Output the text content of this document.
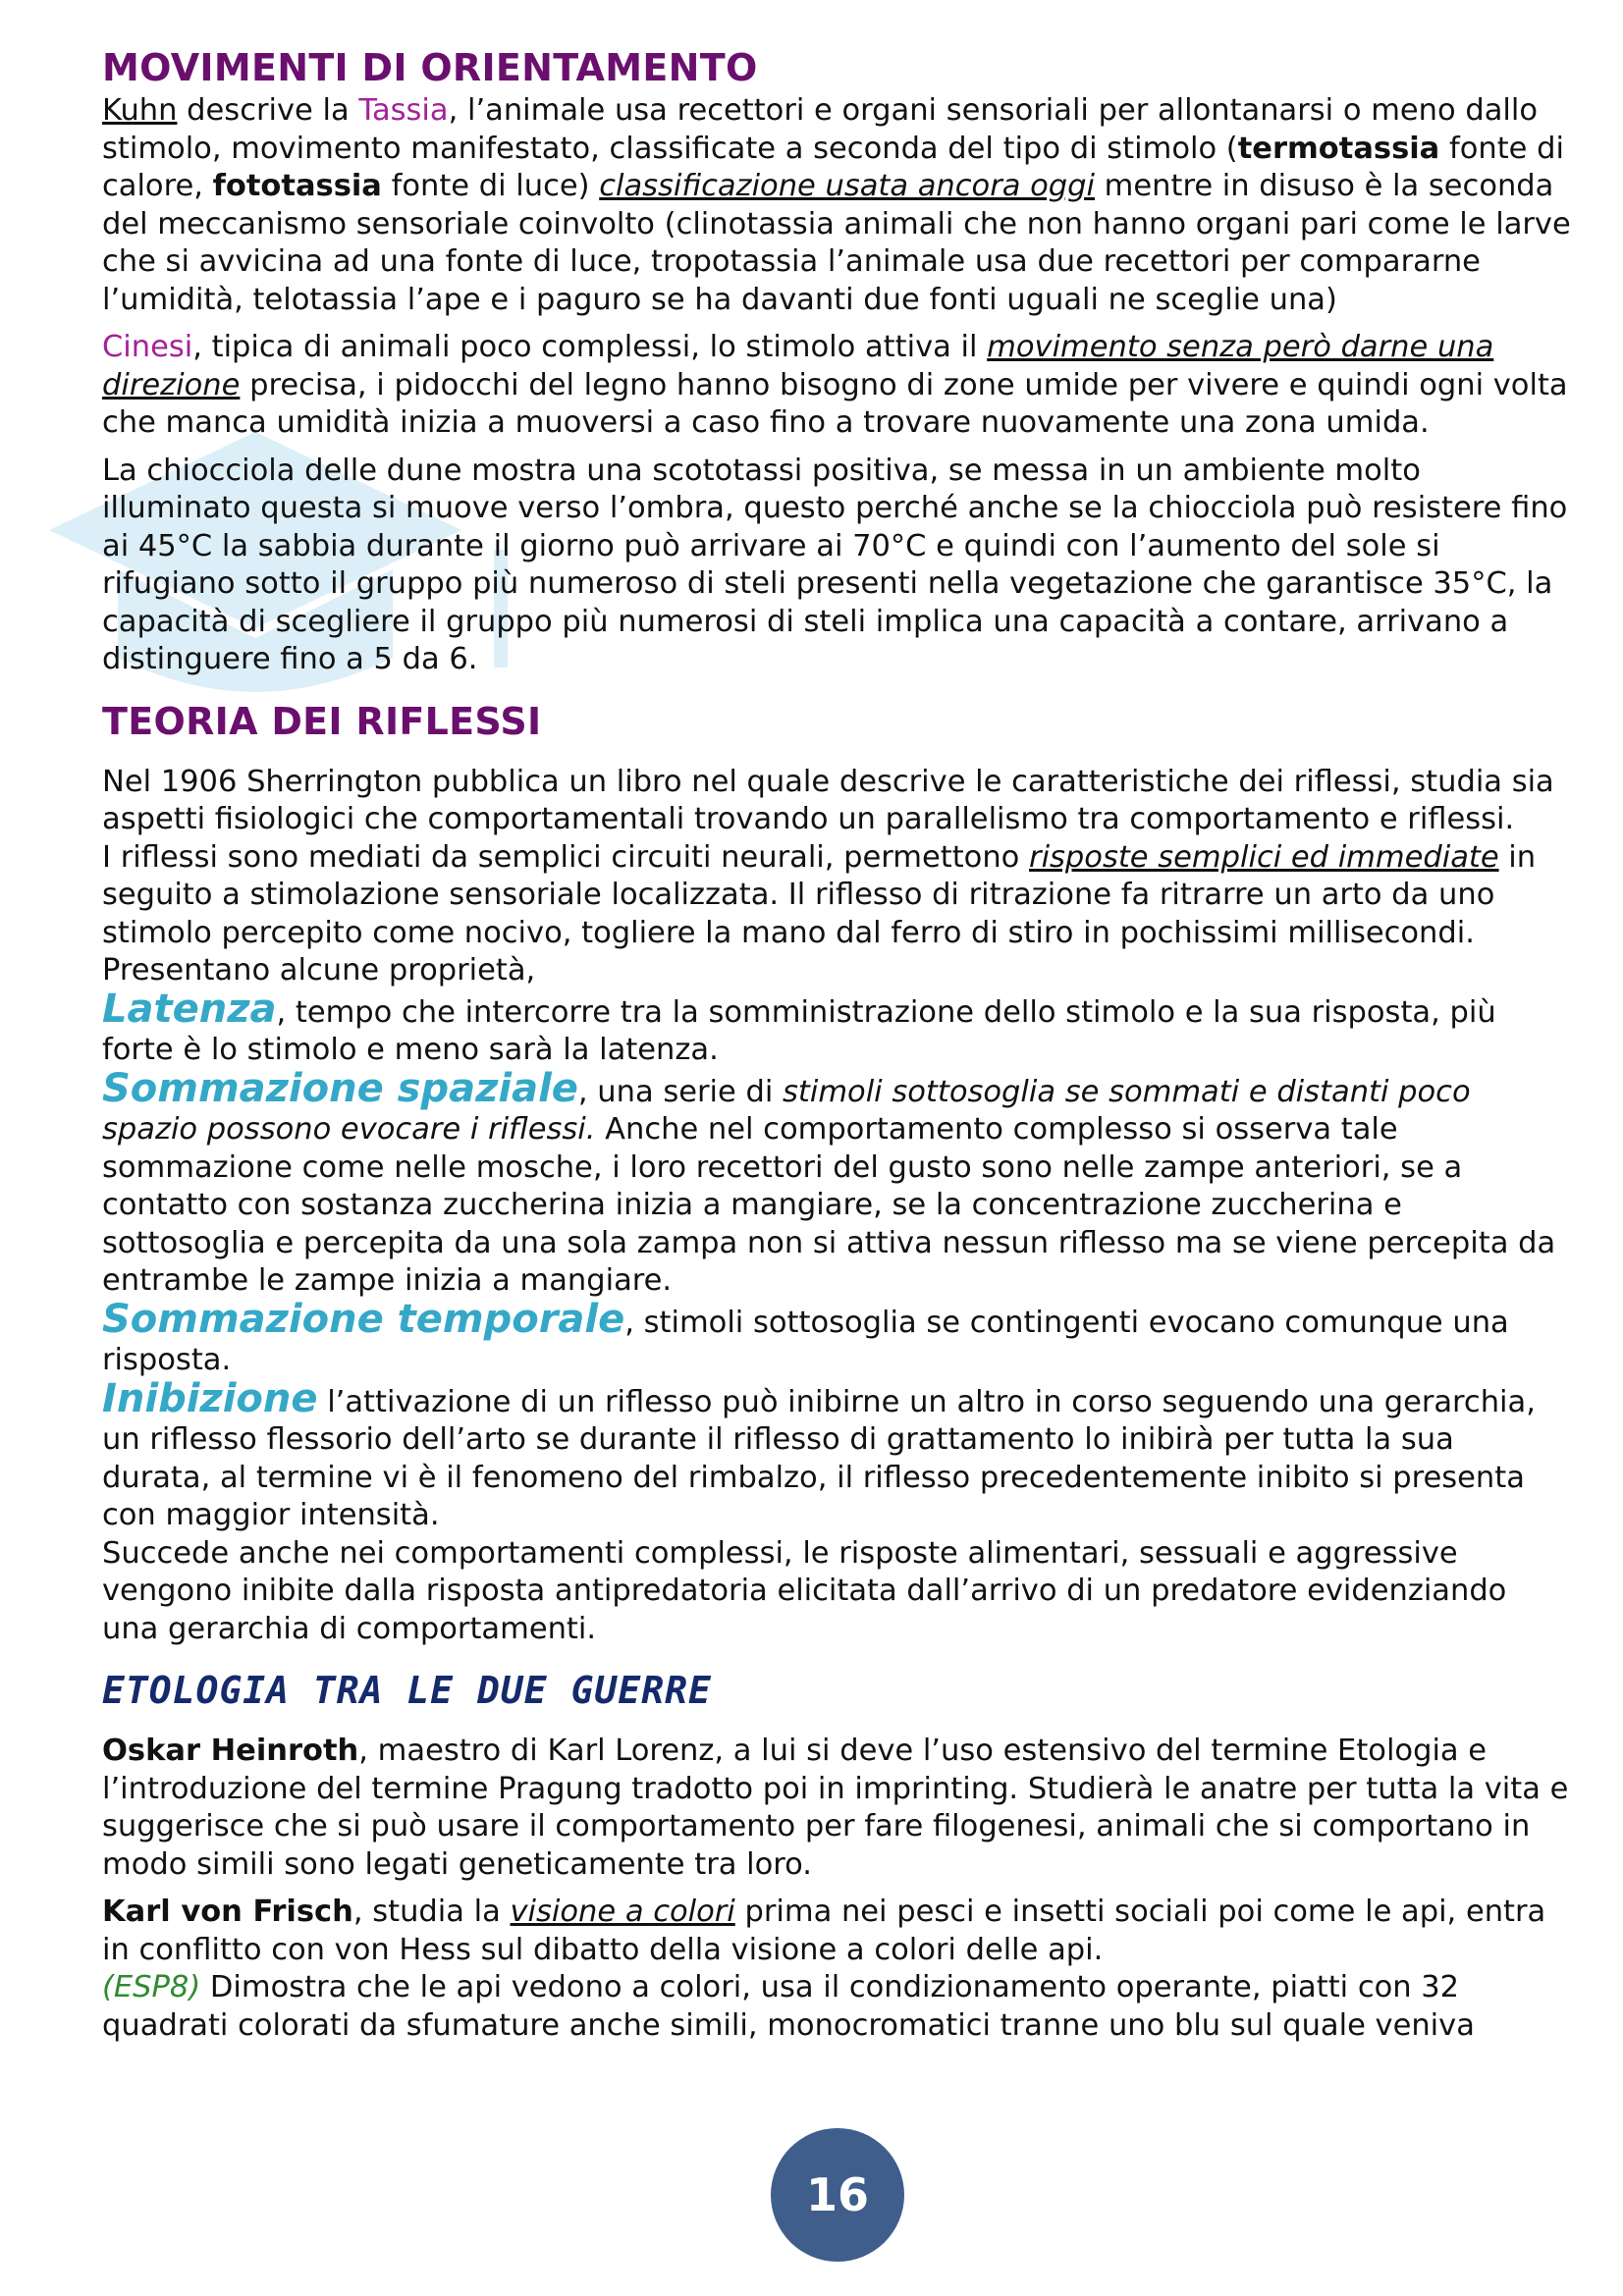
MOVIMENTI DI ORIENTAMENTO

Kuhn descrive la Tassia, l’animale usa recettori e organi sensoriali per allontanarsi o meno dallo stimolo, movimento manifestato, classificate a seconda del tipo di stimolo (termotassia fonte di calore, fototassia fonte di luce) classificazione usata ancora oggi mentre in disuso è la seconda del meccanismo sensoriale coinvolto (clinotassia animali che non hanno organi pari come le larve che si avvicina ad una fonte di luce, tropotassia l’animale usa due recettori per compararne l’umidità, telotassia l’ape e i paguro se ha davanti due fonti uguali ne sceglie una)

Cinesi, tipica di animali poco complessi, lo stimolo attiva il movimento senza però darne una direzione precisa, i pidocchi del legno hanno bisogno di zone umide per vivere e quindi ogni volta che manca umidità inizia a muoversi a caso fino a trovare nuovamente una zona umida.

La chiocciola delle dune mostra una scototassi positiva, se messa in un ambiente molto illuminato questa si muove verso l’ombra, questo perché anche se la chiocciola può resistere fino ai 45°C la sabbia durante il giorno può arrivare ai 70°C e quindi con l’aumento del sole si rifugiano sotto il gruppo più numeroso di steli presenti nella vegetazione che garantisce 35°C, la capacità di scegliere il gruppo più numerosi di steli implica una capacità a contare, arrivano a distinguere fino a 5 da 6.

TEORIA DEI RIFLESSI

Nel 1906 Sherrington pubblica un libro nel quale descrive le caratteristiche dei riflessi, studia sia aspetti fisiologici che comportamentali trovando un parallelismo tra comportamento e riflessi.

I riflessi sono mediati da semplici circuiti neurali, permettono risposte semplici ed immediate in seguito a stimolazione sensoriale localizzata. Il riflesso di ritrazione fa ritrarre un arto da uno stimolo percepito come nocivo, togliere la mano dal ferro di stiro in pochissimi millisecondi.

Presentano alcune proprietà,

Latenza, tempo che intercorre tra la somministrazione dello stimolo e la sua risposta, più forte è lo stimolo e meno sarà la latenza.

Sommazione spaziale, una serie di stimoli sottosoglia se sommati e distanti poco spazio possono evocare i riflessi. Anche nel comportamento complesso si osserva tale sommazione come nelle mosche, i loro recettori del gusto sono nelle zampe anteriori, se a contatto con sostanza zuccherina inizia a mangiare, se la concentrazione zuccherina e sottosoglia e percepita da una sola zampa non si attiva nessun riflesso ma se viene percepita da entrambe le zampe inizia a mangiare.

Sommazione temporale, stimoli sottosoglia se contingenti evocano comunque una risposta.

Inibizione l’attivazione di un riflesso può inibirne un altro in corso seguendo una gerarchia, un riflesso flessorio dell’arto se durante il riflesso di grattamento lo inibirà per tutta la sua durata, al termine vi è il fenomeno del rimbalzo, il riflesso precedentemente inibito si presenta con maggior intensità.

Succede anche nei comportamenti complessi, le risposte alimentari, sessuali e aggressive vengono inibite dalla risposta antipredatoria elicitata dall’arrivo di un predatore evidenziando una gerarchia di comportamenti.

ETOLOGIA TRA LE DUE GUERRE

Oskar Heinroth, maestro di Karl Lorenz, a lui si deve l’uso estensivo del termine Etologia e l’introduzione del termine Pragung tradotto poi in imprinting. Studierà le anatre per tutta la vita e suggerisce che si può usare il comportamento per fare filogenesi, animali che si comportano in modo simili sono legati geneticamente tra loro.

Karl von Frisch, studia la visione a colori prima nei pesci e insetti sociali poi come le api, entra in conflitto con von Hess sul dibatto della visione a colori delle api.

(ESP8) Dimostra che le api vedono a colori, usa il condizionamento operante, piatti con 32 quadrati colorati da sfumature anche simili, monocromatici tranne uno blu sul quale veniva

16
